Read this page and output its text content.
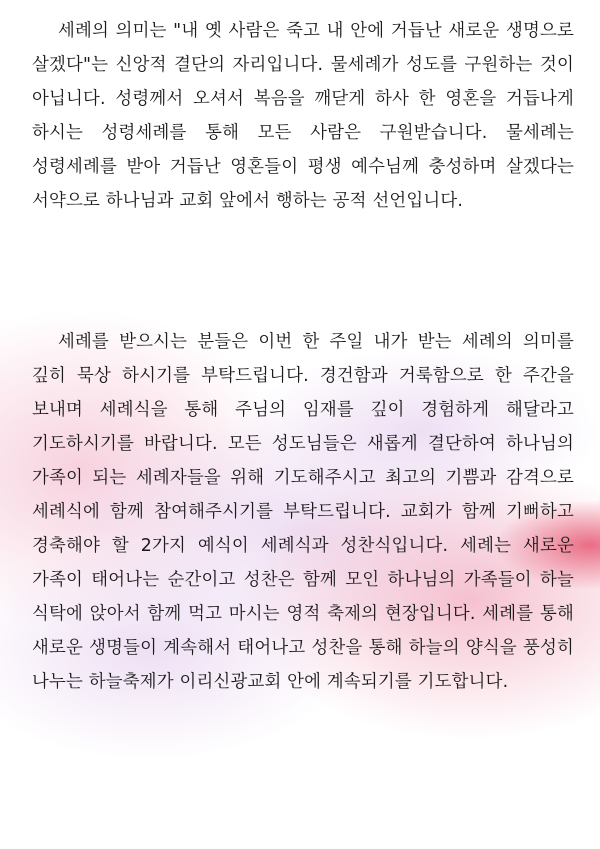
세례의 의미는 "내 옛 사람은 죽고 내 안에 거듭난 새로운 생명으로 살겠다"는 신앙적 결단의 자리입니다. 물세례가 성도를 구원하는 것이 아닙니다. 성령께서 오셔서 복음을 깨닫게 하사 한 영혼을 거듭나게 하시는 성령세례를 통해 모든 사람은 구원받습니다. 물세례는 성령세례를 받아 거듭난 영혼들이 평생 예수님께 충성하며 살겠다는 서약으로 하나님과 교회 앞에서 행하는 공적 선언입니다.

세례를 받으시는 분들은 이번 한 주일 내가 받는 세례의 의미를 깊히 묵상 하시기를 부탁드립니다. 경건함과 거룩함으로 한 주간을 보내며 세례식을 통해 주님의 임재를 깊이 경험하게 해달라고 기도하시기를 바랍니다. 모든 성도님들은 새롭게 결단하여 하나님의 가족이 되는 세례자들을 위해 기도해주시고 최고의 기쁨과 감격으로 세례식에 함께 참여해주시기를 부탁드립니다. 교회가 함께 기뻐하고 경축해야 할 2가지 예식이 세례식과 성찬식입니다. 세례는 새로운 가족이 태어나는 순간이고 성찬은 함께 모인 하나님의 가족들이 하늘 식탁에 앉아서 함께 먹고 마시는 영적 축제의 현장입니다. 세례를 통해 새로운 생명들이 계속해서 태어나고 성찬을 통해 하늘의 양식을 풍성히 나누는 하늘축제가 이리신광교회 안에 계속되기를 기도합니다.
